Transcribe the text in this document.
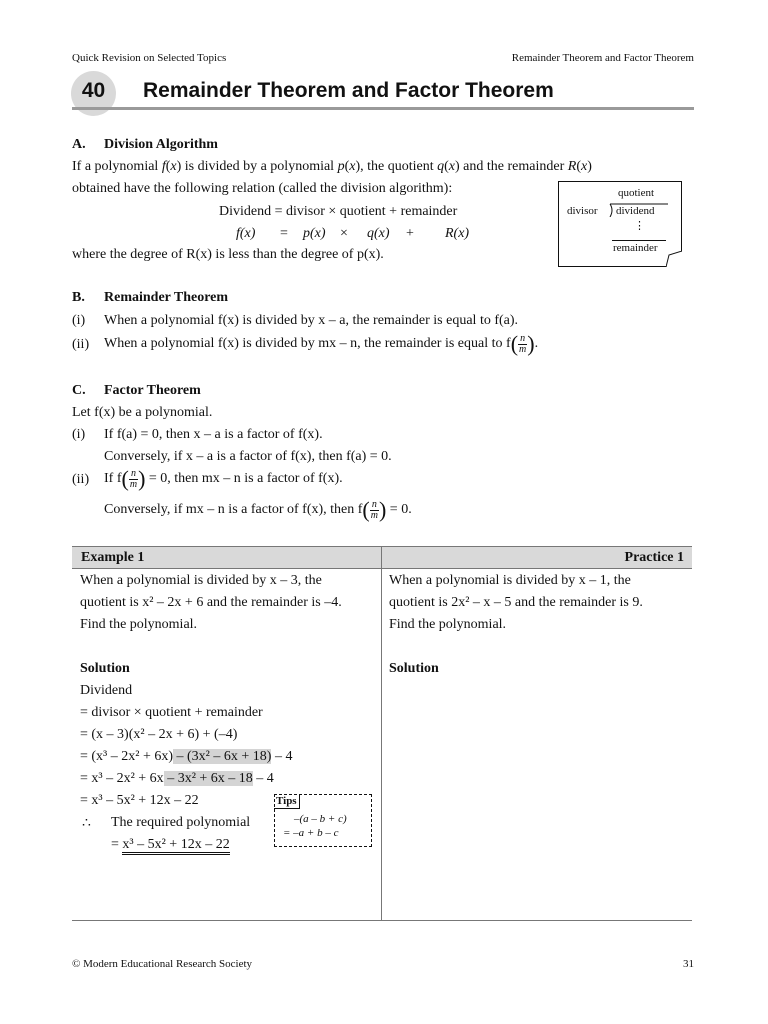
Quick Revision on Selected Topics	Remainder Theorem and Factor Theorem
40	Remainder Theorem and Factor Theorem
A. Division Algorithm
If a polynomial f(x) is divided by a polynomial p(x), the quotient q(x) and the remainder R(x)
obtained have the following relation (called the division algorithm):
Dividend = divisor × quotient + remainder
f(x) = p(x) × q(x) + R(x)
where the degree of R(x) is less than the degree of p(x).
quotient
divisor dividend
⋮
remainder
B. Remainder Theorem
(i) When a polynomial f(x) is divided by x – a, the remainder is equal to f(a).
(ii) When a polynomial f(x) is divided by mx – n, the remainder is equal to $f( \frac{n}{m}$ ).
C. Factor Theorem
Let f(x) be a polynomial.
(i) If f(a) = 0, then x – a is a factor of f(x).
Conversely, if x – a is a factor of f(x), then f(a) = 0.
(ii) If $f( \frac{n}{m}$ ) = 0, then mx – n is a factor of f(x).
Conversely, if mx – n is a factor of f(x), then $f( \frac{n}{m}$ ) = 0.
Example 1	Practice 1
When a polynomial is divided by x – 3, the
quotient is x² – 2x + 6 and the remainder is –4.
Find the polynomial.
Solution
Dividend
= divisor × quotient + remainder
= (x – 3)(x² – 2x + 6) + (–4)
= (x³ – 2x² + 6x) – (3x² – 6x + 18) – 4
= x³ – 2x² + 6x – 3x² + 6x – 18 – 4
= x³ – 5x² + 12x – 22
∴ The required polynomial
= x³ – 5x² + 12x – 22
Tips
–(a – b + c)
= –a + b – c
When a polynomial is divided by x – 1, the
quotient is 2x² – x – 5 and the remainder is 9.
Find the polynomial.
Solution
© Modern Educational Research Society	31
